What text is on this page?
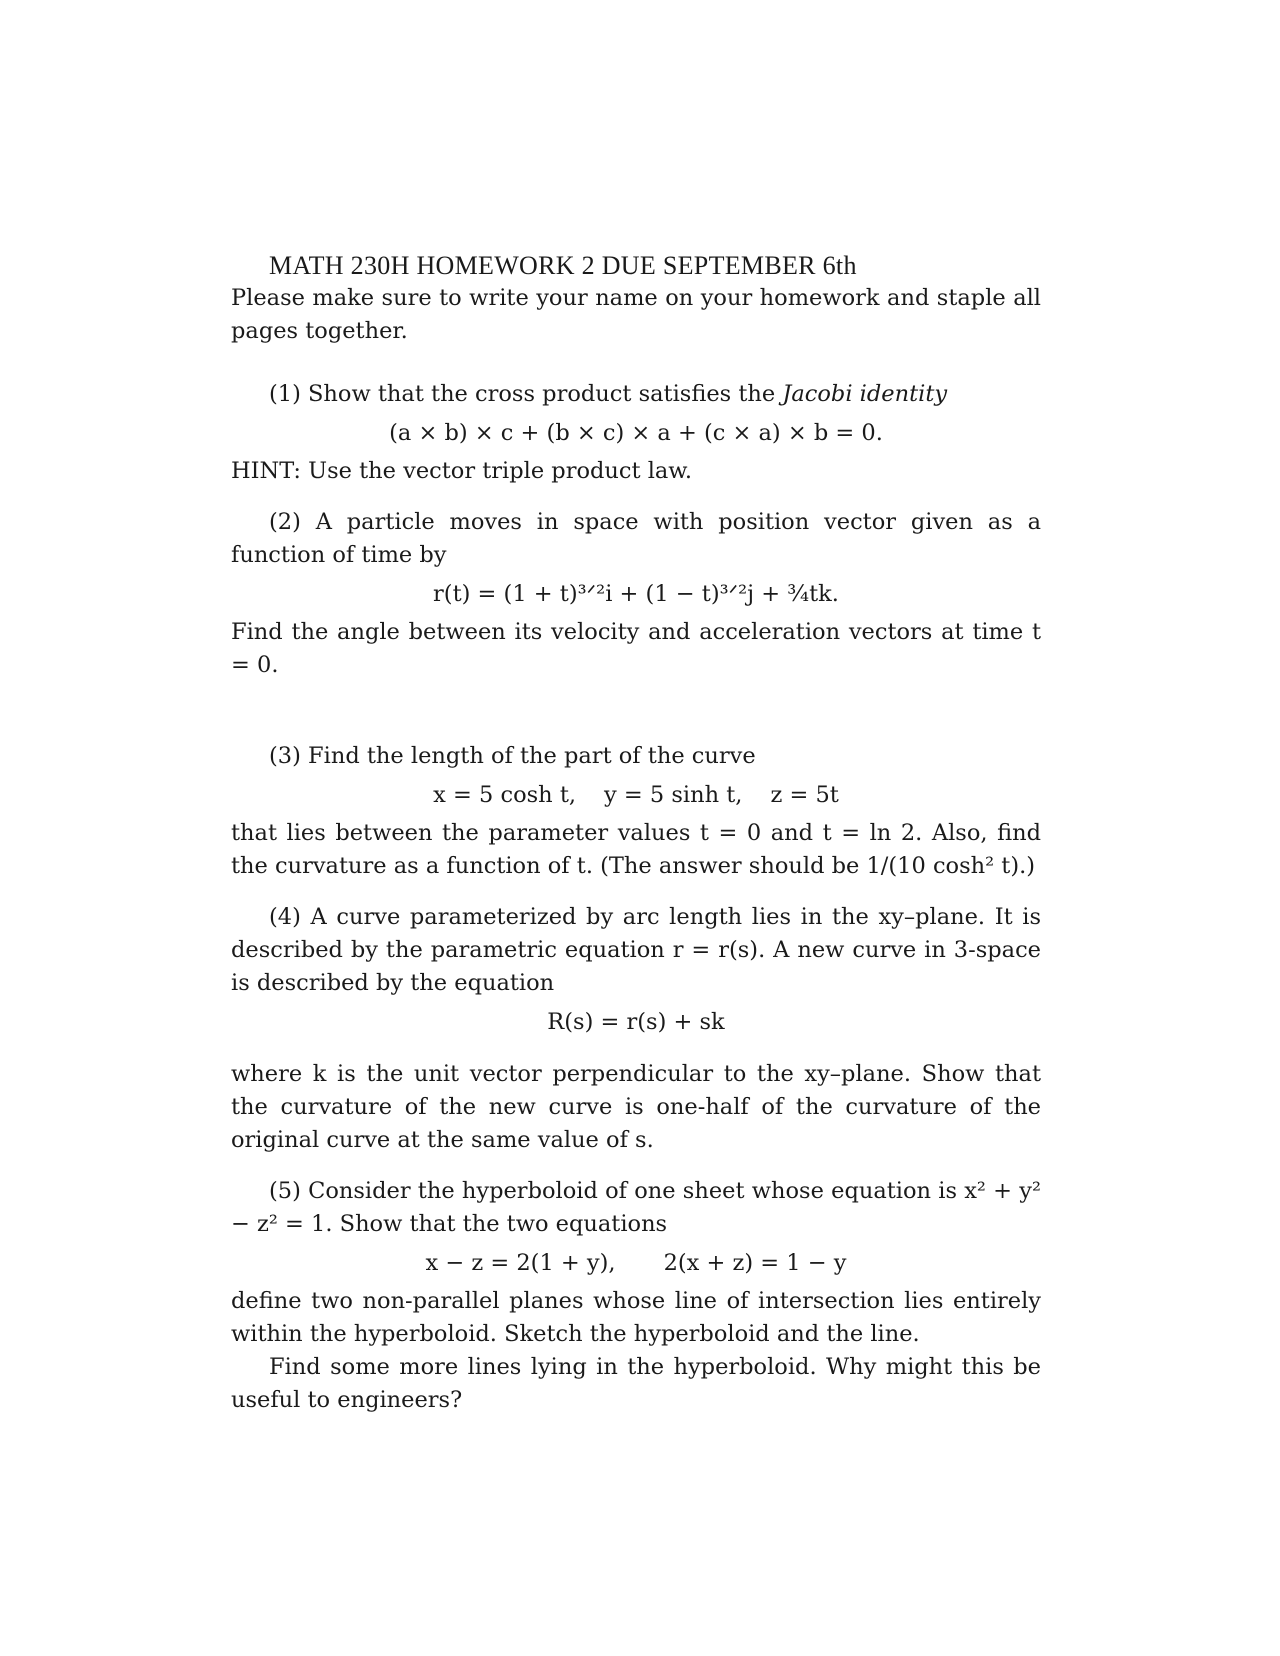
MATH 230H HOMEWORK 2 DUE SEPTEMBER 6th

Please make sure to write your name on your homework and staple all pages together.

(1) Show that the cross product satisfies the Jacobi identity

(a × b) × c + (b × c) × a + (c × a) × b = 0.

HINT: Use the vector triple product law.

(2) A particle moves in space with position vector given as a function of time by

r(t) = (1 + t)³ᐟ²i + (1 − t)³ᐟ²j + ¾tk.

Find the angle between its velocity and acceleration vectors at time t = 0.

(3) Find the length of the part of the curve

x = 5 cosh t, y = 5 sinh t, z = 5t

that lies between the parameter values t = 0 and t = ln 2. Also, find the curvature as a function of t. (The answer should be 1/(10 cosh² t).)

(4) A curve parameterized by arc length lies in the xy–plane. It is described by the parametric equation r = r(s). A new curve in 3-space is described by the equation

R(s) = r(s) + sk

where k is the unit vector perpendicular to the xy–plane. Show that the curvature of the new curve is one-half of the curvature of the original curve at the same value of s.

(5) Consider the hyperboloid of one sheet whose equation is x² + y² − z² = 1. Show that the two equations

x − z = 2(1 + y), 2(x + z) = 1 − y

define two non-parallel planes whose line of intersection lies entirely within the hyperboloid. Sketch the hyperboloid and the line.

Find some more lines lying in the hyperboloid. Why might this be useful to engineers?
